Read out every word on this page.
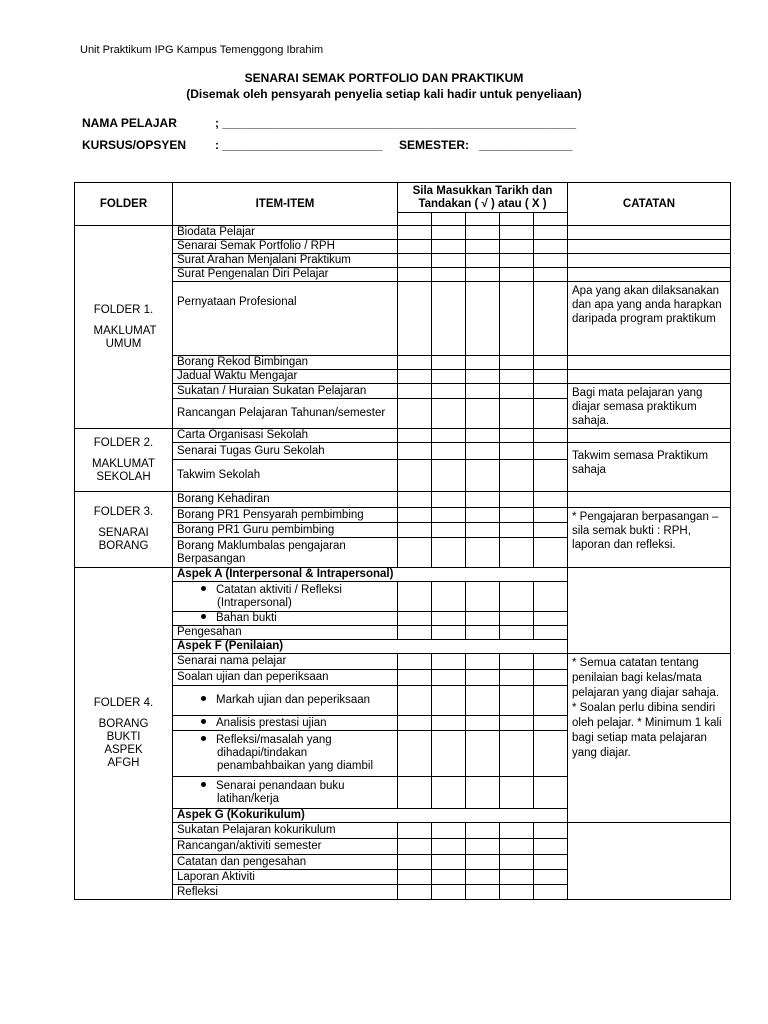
Unit Praktikum IPG Kampus Temenggong Ibrahim
SENARAI SEMAK PORTFOLIO DAN PRAKTIKUM
(Disemak oleh pensyarah penyelia setiap kali hadir untuk penyeliaan)
NAMA PELAJAR	; _____________________________________________________
KURSUS/OPSYEN : ________________________ SEMESTER: ______________
FOLDER	ITEM-ITEM	Sila Masukkan Tarikh dan
Tandakan ( √ ) atau ( X )					CATATAN

FOLDER 1.
MAKLUMAT UMUM	Biodata Pelajar						
	Senarai Semak Portfolio / RPH						
	Surat Arahan Menjalani Praktikum						
	Surat Pengenalan Diri Pelajar						
	Pernyataan Profesional						Apa yang akan dilaksanakan dan apa yang anda harapkan daripada program praktikum
	Borang Rekod Bimbingan						
	Jadual Waktu Mengajar						
	Sukatan / Huraian Sukatan Pelajaran						Bagi mata pelajaran yang diajar semasa praktikum sahaja.
	Rancangan Pelajaran Tahunan/semester						

FOLDER 2.
MAKLUMAT SEKOLAH	Carta Organisasi Sekolah						
	Senarai Tugas Guru Sekolah						Takwim semasa Praktikum sahaja
	Takwim Sekolah						

FOLDER 3.
SENARAI BORANG	Borang Kehadiran						
	Borang PR1 Pensyarah pembimbing						* Pengajaran berpasangan – sila semak bukti : RPH, laporan dan refleksi.
	Borang PR1 Guru pembimbing						
	Borang Maklumbalas pengajaran Berpasangan						

FOLDER 4.
BORANG BUKTI ASPEK AFGH	Aspek A (Interpersonal & Intrapersonal)						
	Catatan aktiviti / Refleksi (Intrapersonal)						
	Bahan bukti						
	Pengesahan						
	Aspek F (Penilaian)						
	Senarai nama pelajar						* Semua catatan tentang penilaian bagi kelas/mata pelajaran yang diajar sahaja. * Soalan perlu dibina sendiri oleh pelajar. * Minimum 1 kali bagi setiap mata pelajaran yang diajar.
	Soalan ujian dan peperiksaan						
	Markah ujian dan peperiksaan						
	Analisis prestasi ujian						
	Refleksi/masalah yang dihadapi/tindakan penambahbaikan yang diambil						
	Senarai penandaan buku latihan/kerja						
	Aspek G (Kokurikulum)						
	Sukatan Pelajaran kokurikulum						
	Rancangan/aktiviti semester						
	Catatan dan pengesahan						
	Laporan Aktiviti						
	Refleksi						
